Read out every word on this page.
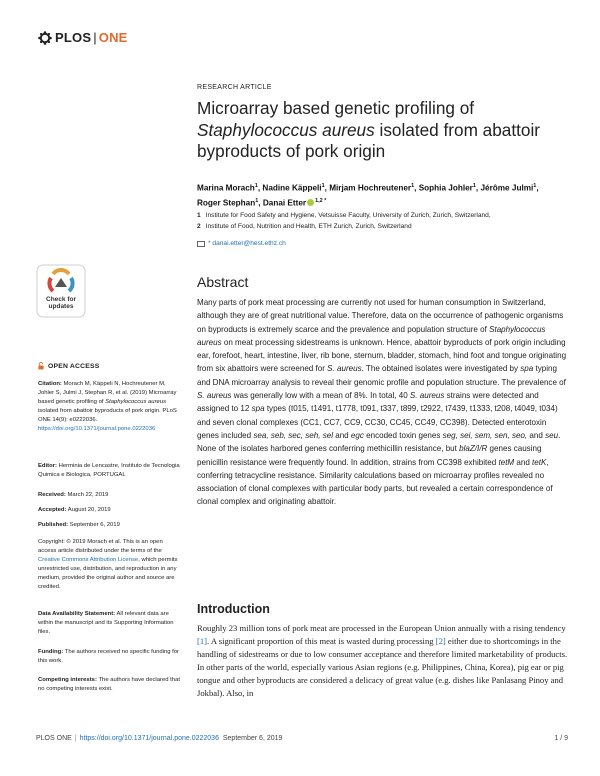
PLOS | ONE
RESEARCH ARTICLE
Microarray based genetic profiling of
Staphylococcus aureus isolated from abattoir
byproducts of pork origin
Marina Morach$^1$, Nadine Käppeli$^1$, Mirjam Hochreutener$^1$, Sophia Johler$^1$, Jérôme Julmi$^1$,
Roger Stephan$^1$, Danai Etter $^{1,2 *}$
1 Institute for Food Safety and Hygiene, Vetsuisse Faculty, University of Zurich, Zurich, Switzerland,
2 Institute of Food, Nutrition and Health, ETH Zurich, Zurich, Switzerland
* danai.etter@hest.ethz.ch
Check for
updates
OPEN ACCESS
Citation: Morach M, Käppeli N, Hochreutener M, Johler S, Julmi J, Stephan R, et al. (2019) Microarray based genetic profiling of Staphylococcus aureus isolated from abattoir byproducts of pork origin. PLoS ONE 14(9): e0222036. https://doi.org/10.1371/journal.pone.0222036
Editor: Herminia de Lencastre, Instituto de Tecnologia Quimica e Biologica, PORTUGAL
Received: March 22, 2019
Accepted: August 20, 2019
Published: September 6, 2019
Copyright: © 2019 Morach et al. This is an open access article distributed under the terms of the Creative Commons Attribution License, which permits unrestricted use, distribution, and reproduction in any medium, provided the original author and source are credited.
Data Availability Statement: All relevant data are within the manuscript and its Supporting Information files.
Funding: The authors received no specific funding for this work.
Competing interests: The authors have declared that no competing interests exist.
Abstract

Many parts of pork meat processing are currently not used for human consumption in Switzerland, although they are of great nutritional value. Therefore, data on the occurrence of pathogenic organisms on byproducts is extremely scarce and the prevalence and population structure of Staphylococcus aureus on meat processing sidestreams is unknown. Hence, abattoir byproducts of pork origin including ear, forefoot, heart, intestine, liver, rib bone, sternum, bladder, stomach, hind foot and tongue originating from six abattoirs were screened for S. aureus. The obtained isolates were investigated by spa typing and DNA microarray analysis to reveal their genomic profile and population structure. The prevalence of S. aureus was generally low with a mean of 8%. In total, 40 S. aureus strains were detected and assigned to 12 spa types (t015, t1491, t1778, t091, t337, t899, t2922, t7439, t1333, t208, t4049, t034) and seven clonal complexes (CC1, CC7, CC9, CC30, CC45, CC49, CC398). Detected enterotoxin genes included sea, seb, sec, seh, sel and egc encoded toxin genes seg, sei, sem, sen, seo, and seu. None of the isolates harbored genes conferring methicillin resistance, but blaZ/I/R genes causing penicillin resistance were frequently found. In addition, strains from CC398 exhibited tetM and tetK, conferring tetracycline resistance. Similarity calculations based on microarray profiles revealed no association of clonal complexes with particular body parts, but revealed a certain correspondence of clonal complex and originating abattoir.

Introduction

Roughly 23 million tons of pork meat are processed in the European Union annually with a rising tendency [1]. A significant proportion of this meat is wasted during processing [2] either due to shortcomings in the handling of sidestreams or due to low consumer acceptance and therefore limited marketability of products. In other parts of the world, especially various Asian regions (e.g. Philippines, China, Korea), pig ear or pig tongue and other byproducts are considered a delicacy of great value (e.g. dishes like Panlasang Pinoy and Jokbal). Also, in

PLOS ONE | https://doi.org/10.1371/journal.pone.0222036 September 6, 2019	1 / 9
